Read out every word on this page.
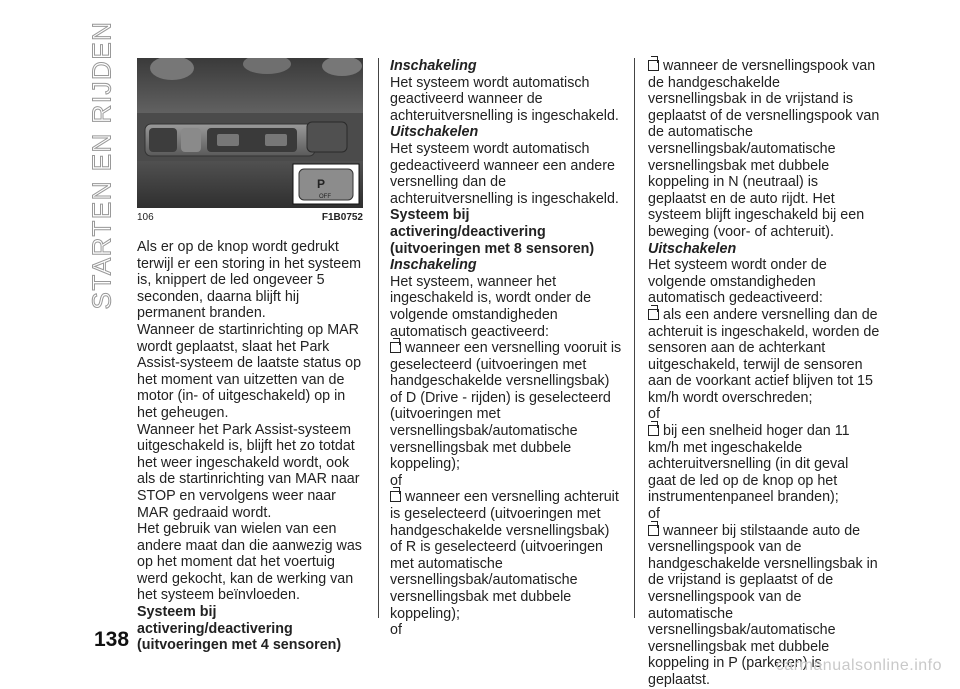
STARTEN EN RIJDEN	P
OFF
106	F1B0752

Als er op de knop wordt gedrukt terwijl er een storing in het systeem is, knippert de led ongeveer 5 seconden, daarna blijft hij permanent branden.

Wanneer de startinrichting op MAR wordt geplaatst, slaat het Park Assist-systeem de laatste status op het moment van uitzetten van de motor (in- of uitgeschakeld) op in het geheugen.

Wanneer het Park Assist-systeem uitgeschakeld is, blijft het zo totdat het weer ingeschakeld wordt, ook als de startinrichting van MAR naar STOP en vervolgens weer naar MAR gedraaid wordt.

Het gebruik van wielen van een andere maat dan die aanwezig was op het moment dat het voertuig werd gekocht, kan de werking van het systeem beïnvloeden.

Systeem bij activering/deactivering (uitvoeringen met 4 sensoren)

Inschakeling

Het systeem wordt automatisch geactiveerd wanneer de achteruitversnelling is ingeschakeld.

Uitschakelen

Het systeem wordt automatisch gedeactiveerd wanneer een andere versnelling dan de achteruitversnelling is ingeschakeld.

Systeem bij activering/deactivering (uitvoeringen met 8 sensoren)

Inschakeling

Het systeem, wanneer het ingeschakeld is, wordt onder de volgende omstandigheden automatisch geactiveerd:

wanneer een versnelling vooruit is geselecteerd (uitvoeringen met handgeschakelde versnellingsbak) of D (Drive - rijden) is geselecteerd (uitvoeringen met versnellingsbak/automatische versnellingsbak met dubbele koppeling);

of

wanneer een versnelling achteruit is geselecteerd (uitvoeringen met handgeschakelde versnellingsbak) of R is geselecteerd (uitvoeringen met automatische versnellingsbak/automatische versnellingsbak met dubbele koppeling);

of

wanneer de versnellingspook van de handgeschakelde versnellingsbak in de vrijstand is geplaatst of de versnellingspook van de automatische versnellingsbak/automatische versnellingsbak met dubbele koppeling in N (neutraal) is geplaatst en de auto rijdt. Het systeem blijft ingeschakeld bij een beweging (voor- of achteruit).

Uitschakelen

Het systeem wordt onder de volgende omstandigheden automatisch gedeactiveerd:

als een andere versnelling dan de achteruit is ingeschakeld, worden de sensoren aan de achterkant uitgeschakeld, terwijl de sensoren aan de voorkant actief blijven tot 15 km/h wordt overschreden;

of

bij een snelheid hoger dan 11 km/h met ingeschakelde achteruitversnelling (in dit geval gaat de led op de knop op het instrumentenpaneel branden);

of

wanneer bij stilstaande auto de versnellingspook van de handgeschakelde versnellingsbak in de vrijstand is geplaatst of de versnellingspook van de automatische versnellingsbak/automatische versnellingsbak met dubbele koppeling in P (parkeren) is geplaatst.

138
carmanualsonline.info
